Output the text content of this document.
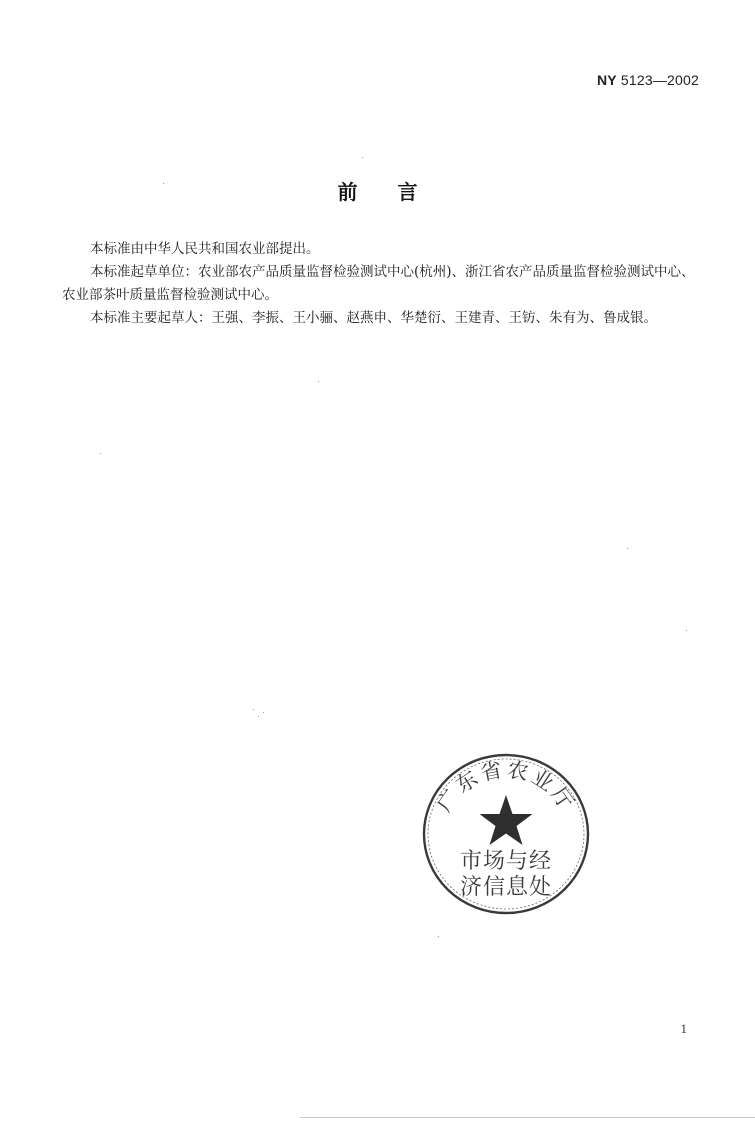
NY 5123—2002
前言

本标准由中华人民共和国农业部提出。

本标准起草单位：农业部农产品质量监督检验测试中心(杭州)、浙江省农产品质量监督检验测试中心、农业部茶叶质量监督检验测试中心。

本标准主要起草人：王强、李振、王小骊、赵燕申、华楚衍、王建青、王钫、朱有为、鲁成银。

广东省农业厅
市场与经
济信息处
1
